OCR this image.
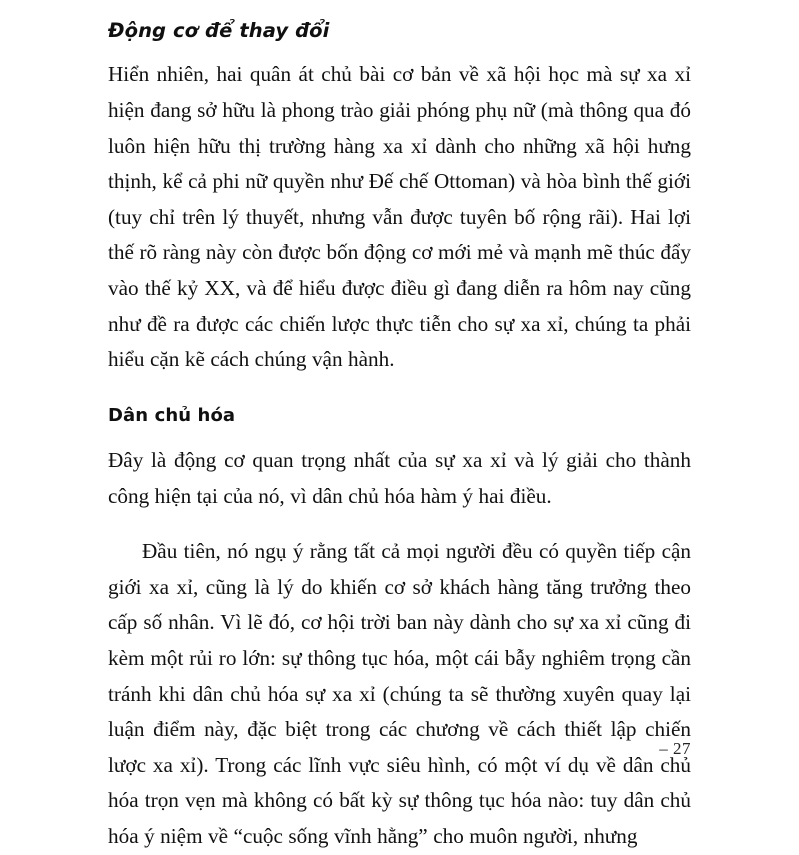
Động cơ để thay đổi

Hiển nhiên, hai quân át chủ bài cơ bản về xã hội học mà sự xa xỉ hiện đang sở hữu là phong trào giải phóng phụ nữ (mà thông qua đó luôn hiện hữu thị trường hàng xa xỉ dành cho những xã hội hưng thịnh, kể cả phi nữ quyền như Đế chế Ottoman) và hòa bình thế giới (tuy chỉ trên lý thuyết, nhưng vẫn được tuyên bố rộng rãi). Hai lợi thế rõ ràng này còn được bốn động cơ mới mẻ và mạnh mẽ thúc đẩy vào thế kỷ XX, và để hiểu được điều gì đang diễn ra hôm nay cũng như đề ra được các chiến lược thực tiễn cho sự xa xỉ, chúng ta phải hiểu cặn kẽ cách chúng vận hành.

Dân chủ hóa

Đây là động cơ quan trọng nhất của sự xa xỉ và lý giải cho thành công hiện tại của nó, vì dân chủ hóa hàm ý hai điều.

Đầu tiên, nó ngụ ý rằng tất cả mọi người đều có quyền tiếp cận giới xa xỉ, cũng là lý do khiến cơ sở khách hàng tăng trưởng theo cấp số nhân. Vì lẽ đó, cơ hội trời ban này dành cho sự xa xỉ cũng đi kèm một rủi ro lớn: sự thông tục hóa, một cái bẫy nghiêm trọng cần tránh khi dân chủ hóa sự xa xỉ (chúng ta sẽ thường xuyên quay lại luận điểm này, đặc biệt trong các chương về cách thiết lập chiến lược xa xỉ). Trong các lĩnh vực siêu hình, có một ví dụ về dân chủ hóa trọn vẹn mà không có bất kỳ sự thông tục hóa nào: tuy dân chủ hóa ý niệm về “cuộc sống vĩnh hằng” cho muôn người, nhưng

– 27
